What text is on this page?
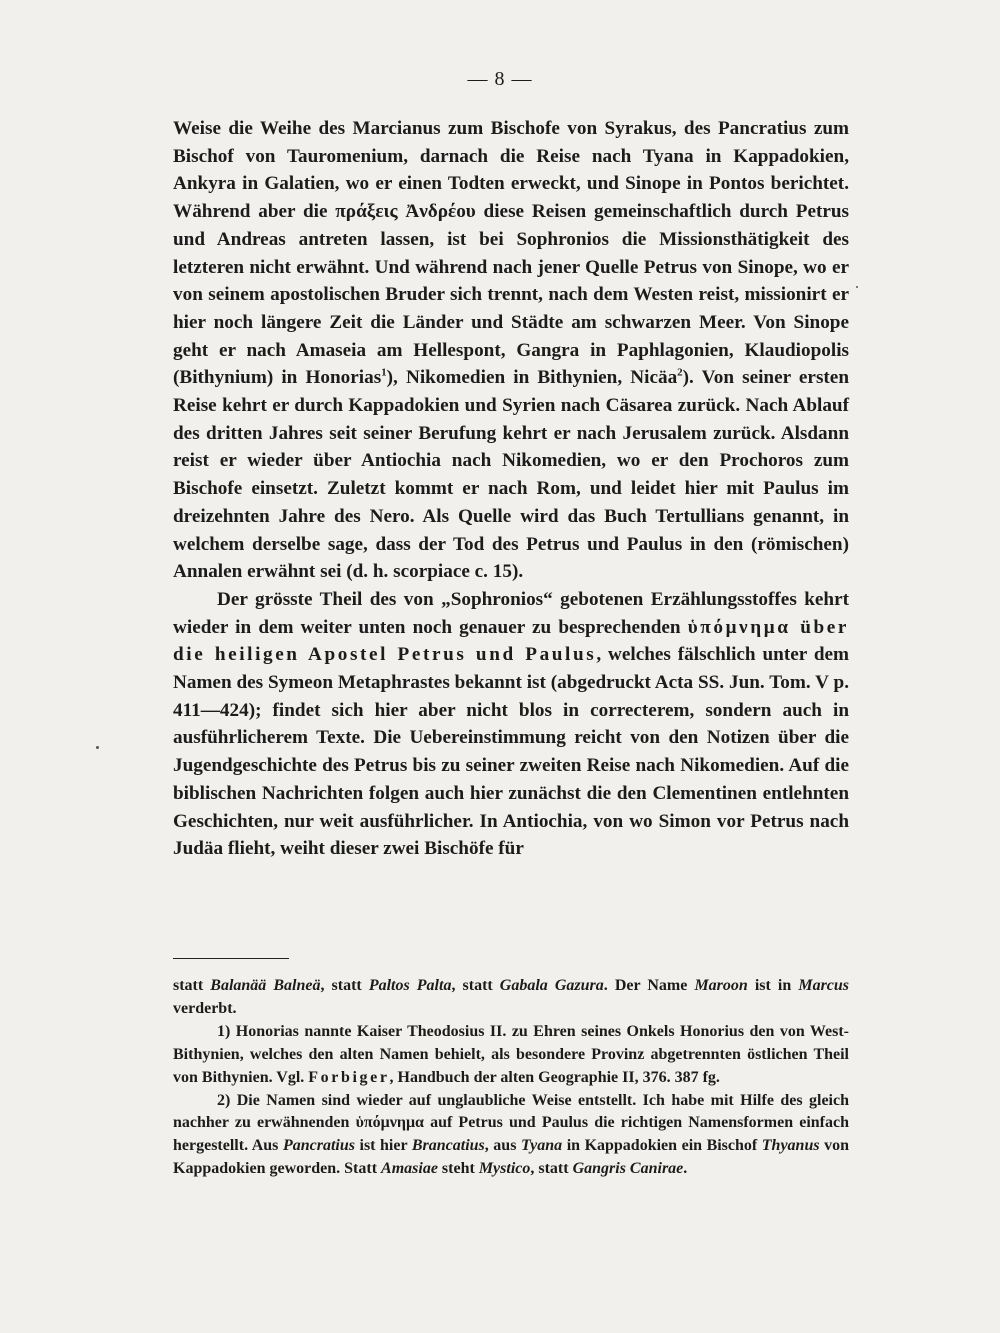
— 8 —

Weise die Weihe des Marcianus zum Bischofe von Syrakus, des Pancratius zum Bischof von Tauromenium, darnach die Reise nach Tyana in Kappadokien, Ankyra in Galatien, wo er einen Todten erweckt, und Sinope in Pontos berichtet. Während aber die πράξεις Ἀνδρέου diese Reisen gemeinschaftlich durch Petrus und Andreas antreten lassen, ist bei Sophronios die Missionsthätigkeit des letzteren nicht erwähnt. Und während nach jener Quelle Petrus von Sinope, wo er von seinem apostolischen Bruder sich trennt, nach dem Westen reist, missionirt er hier noch längere Zeit die Länder und Städte am schwarzen Meer. Von Sinope geht er nach Amaseia am Hellespont, Gangra in Paphlagonien, Klaudiopolis (Bithynium) in Honorias$^1$), Nikomedien in Bithynien, Nicäa$^2$). Von seiner ersten Reise kehrt er durch Kappadokien und Syrien nach Cäsarea zurück. Nach Ablauf des dritten Jahres seit seiner Berufung kehrt er nach Jerusalem zurück. Alsdann reist er wieder über Antiochia nach Nikomedien, wo er den Prochoros zum Bischofe einsetzt. Zuletzt kommt er nach Rom, und leidet hier mit Paulus im dreizehnten Jahre des Nero. Als Quelle wird das Buch Tertullians genannt, in welchem derselbe sage, dass der Tod des Petrus und Paulus in den (römischen) Annalen erwähnt sei (d. h. scorpiace c. 15).

Der grösste Theil des von „Sophronios“ gebotenen Erzählungsstoffes kehrt wieder in dem weiter unten noch genauer zu besprechenden ὑπόμνημα über die heiligen Apostel Petrus und Paulus, welches fälschlich unter dem Namen des Symeon Metaphrastes bekannt ist (abgedruckt Acta SS. Jun. Tom. V p. 411—424); findet sich hier aber nicht blos in correcterem, sondern auch in ausführlicherem Texte. Die Uebereinstimmung reicht von den Notizen über die Jugendgeschichte des Petrus bis zu seiner zweiten Reise nach Nikomedien. Auf die biblischen Nachrichten folgen auch hier zunächst die den Clementinen entlehnten Geschichten, nur weit ausführlicher. In Antiochia, von wo Simon vor Petrus nach Judäa flieht, weiht dieser zwei Bischöfe für

statt Balanää Balneä, statt Paltos Palta, statt Gabala Gazura. Der Name Maroon ist in Marcus verderbt.

1) Honorias nannte Kaiser Theodosius II. zu Ehren seines Onkels Honorius den von West-Bithynien, welches den alten Namen behielt, als besondere Provinz abgetrennten östlichen Theil von Bithynien. Vgl. Forbiger, Handbuch der alten Geographie II, 376. 387 fg.

2) Die Namen sind wieder auf unglaubliche Weise entstellt. Ich habe mit Hilfe des gleich nachher zu erwähnenden ὑπόμνημα auf Petrus und Paulus die richtigen Namensformen einfach hergestellt. Aus Pancratius ist hier Brancatius, aus Tyana in Kappadokien ein Bischof Thyanus von Kappadokien geworden. Statt Amasiae steht Mystico, statt Gangris Canirae.
